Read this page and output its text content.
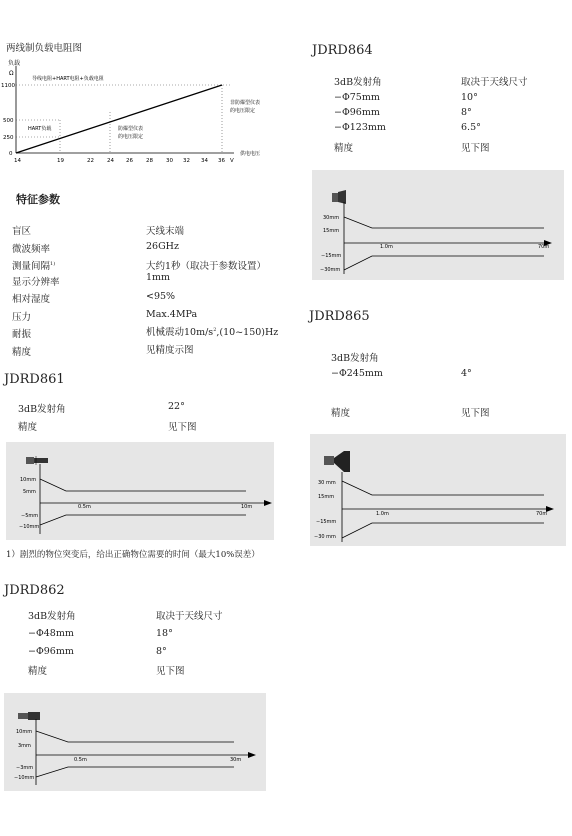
两线制负载电阻图
负载
Ω
1100
500
250
0
14	19	22 24 26 28 30 32 34 36 V
导线电阻+HART电阻+负载电阻
HART负载	防爆型仪表
的电压限定
非防爆型仪表
的电压限定
供电电压
特征参数
盲区	天线末端
微波频率	26GHz
测量间隔$^{1)}$	大约1秒（取决于参数设置）
显示分辨率	1mm
相对湿度	<95%
压力	Max.4MPa
耐振	机械震动$10m/s^2,(10\sim 150)Hz$
精度	见精度示图
JDRD861
3dB发射角	22°
精度	见下图
10mm
5mm
−5mm
−10mm
0.5m	10m
1）剧烈的物位突变后，给出正确物位需要的时间（最大10%误差）
JDRD862
3dB发射角	取决于天线尺寸
−Φ48mm	18°
−Φ96mm	8°
精度	见下图
10mm
3mm
−3mm
−10mm
0.5m	30m
JDRD864
3dB发射角	取决于天线尺寸
−Φ75mm	10°
−Φ96mm	8°
−Φ123mm	6.5°
精度	见下图
30mm
15mm
−15mm
−30mm
1.0m	70m
JDRD865
3dB发射角
−Φ245mm	4°
精度	见下图
30 mm
15mm
−15mm
−30 mm
1.0m	70m
